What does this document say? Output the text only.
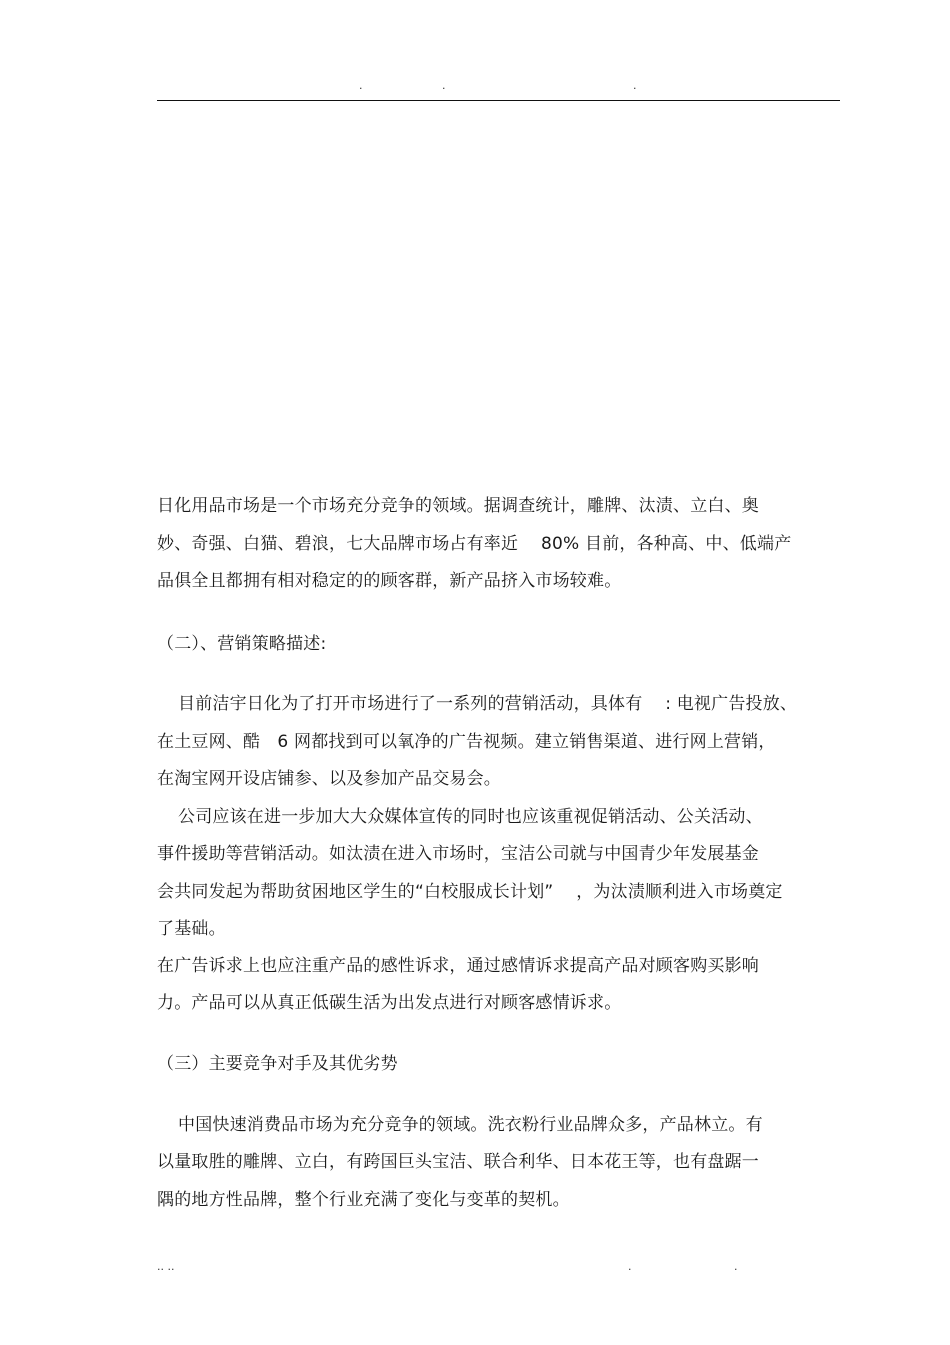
.	.	.
日化用品市场是一个市场充分竞争的领域。据调查统计，雕牌、汰渍、立白、奥
妙、奇强、白猫、碧浪，七大品牌市场占有率近　 80% 目前，各种高、中、低端产
品俱全且都拥有相对稳定的的顾客群，新产品挤入市场较难。
（二）、营销策略描述:
目前洁宇日化为了打开市场进行了一系列的营销活动，具体有　 : 电视广告投放、
在土豆网、酷　6 网都找到可以氧净的广告视频。建立销售渠道、进行网上营销，
在淘宝网开设店铺参、以及参加产品交易会。
公司应该在进一步加大大众媒体宣传的同时也应该重视促销活动、公关活动、
事件援助等营销活动。如汰渍在进入市场时，宝洁公司就与中国青少年发展基金
会共同发起为帮助贫困地区学生的“白校服成长计划”　 ，为汰渍顺利进入市场奠定
了基础。
在广告诉求上也应注重产品的感性诉求，通过感情诉求提高产品对顾客购买影响
力。产品可以从真正低碳生活为出发点进行对顾客感情诉求。
（三）主要竞争对手及其优劣势
中国快速消费品市场为充分竞争的领域。洗衣粉行业品牌众多，产品林立。有
以量取胜的雕牌、立白，有跨国巨头宝洁、联合利华、日本花王等，也有盘踞一
隅的地方性品牌，整个行业充满了变化与变革的契机。
.. ..	.	.
